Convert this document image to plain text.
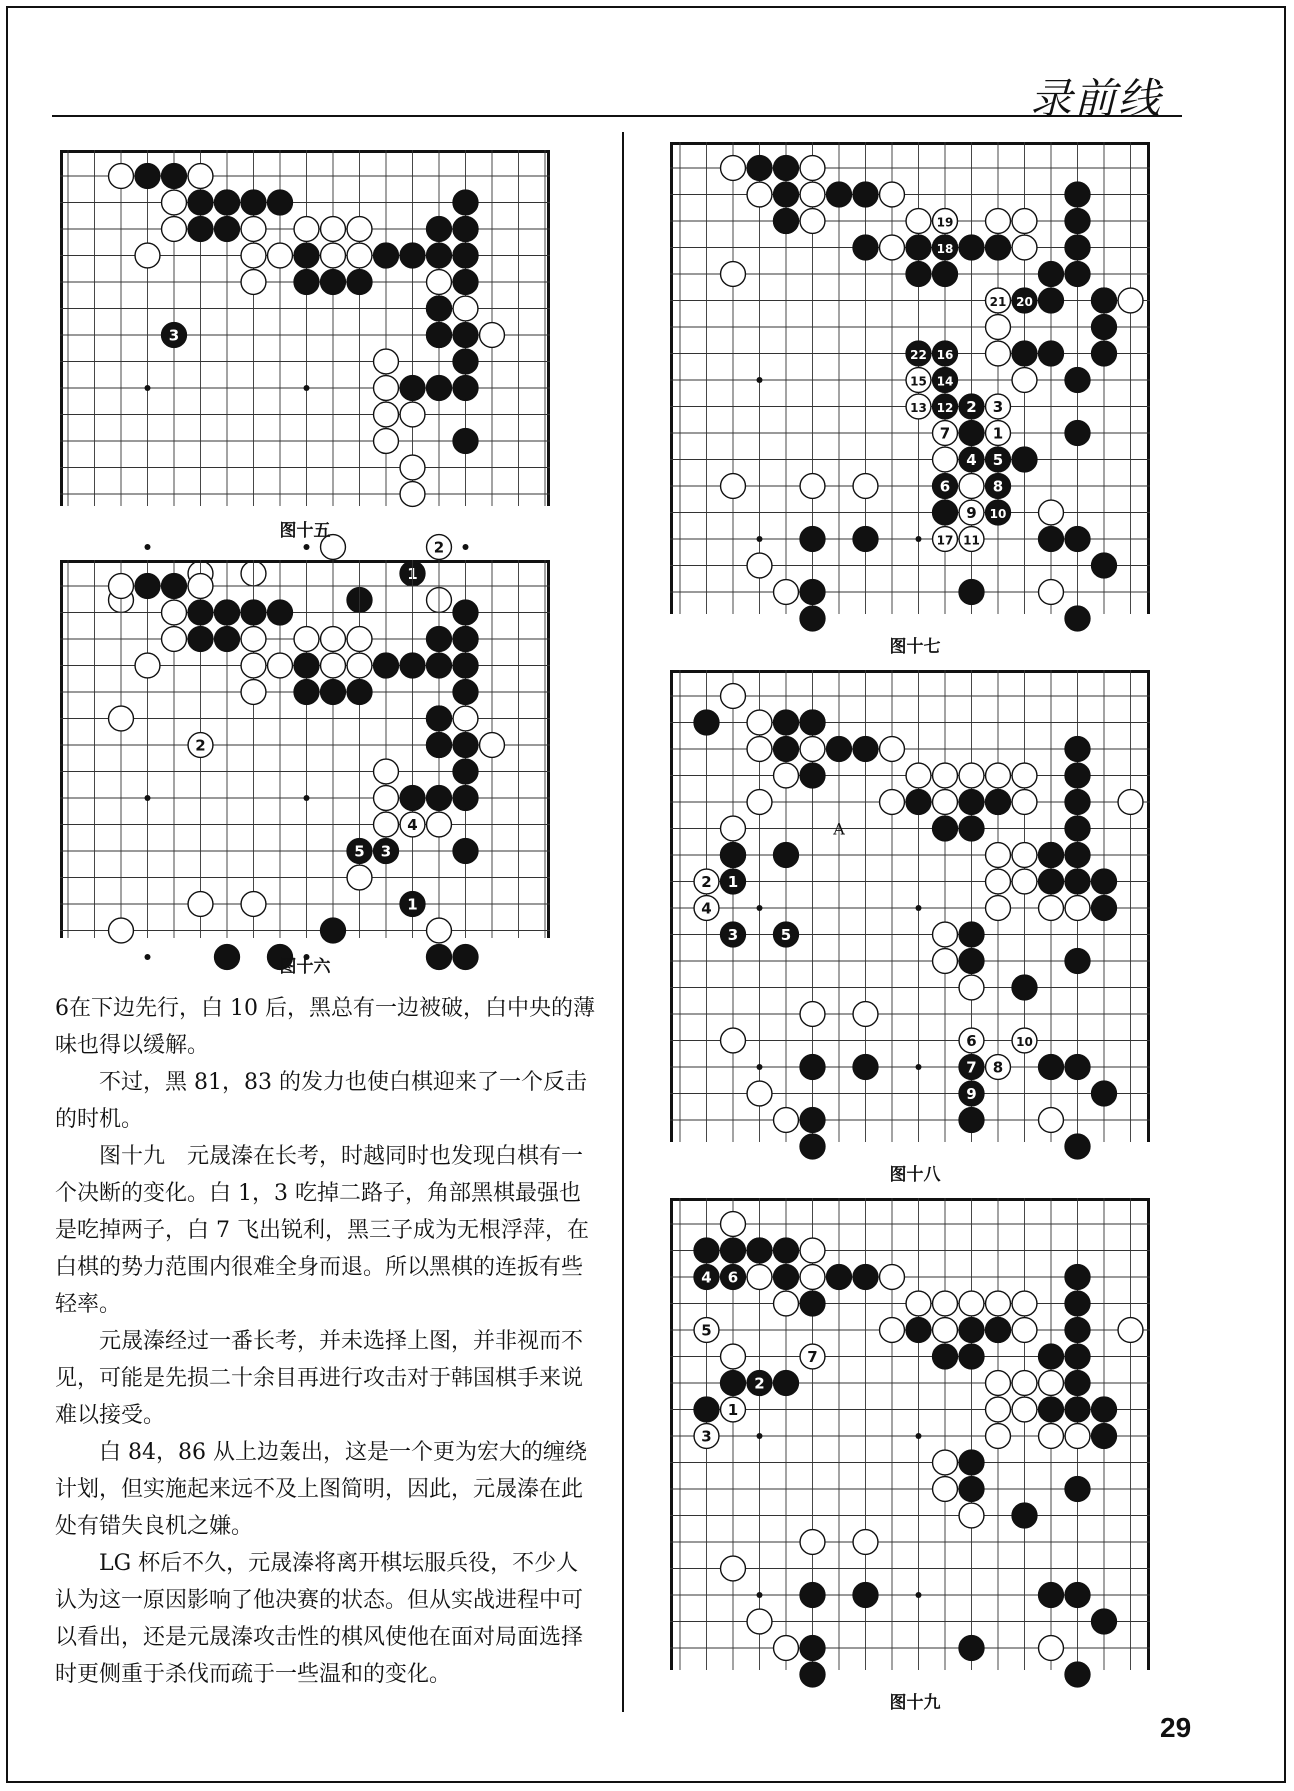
录前线
3
1
2
图十五
2
1
3
5
4
图十六
19
18
21 20
22 16
15 14
13 12 2 3
7	1
4 5
6	8
9 10
17 11
图十七
2 1
4
3	5
6
7 8
9
10
A
图十八
4 6
5
7
2
1
3
图十九

6在下边先行，白 10 后，黑总有一边被破，白中央的薄味也得以缓解。

不过，黑 81，83 的发力也使白棋迎来了一个反击的时机。

图十九　元晟溱在长考，时越同时也发现白棋有一个决断的变化。白 1，3 吃掉二路子，角部黑棋最强也是吃掉两子，白 7 飞出锐利，黑三子成为无根浮萍，在白棋的势力范围内很难全身而退。所以黑棋的连扳有些轻率。

元晟溱经过一番长考，并未选择上图，并非视而不见，可能是先损二十余目再进行攻击对于韩国棋手来说难以接受。

白 84，86 从上边轰出，这是一个更为宏大的缠绕计划，但实施起来远不及上图简明，因此，元晟溱在此处有错失良机之嫌。

LG 杯后不久，元晟溱将离开棋坛服兵役，不少人认为这一原因影响了他决赛的状态。但从实战进程中可以看出，还是元晟溱攻击性的棋风使他在面对局面选择时更侧重于杀伐而疏于一些温和的变化。

29
